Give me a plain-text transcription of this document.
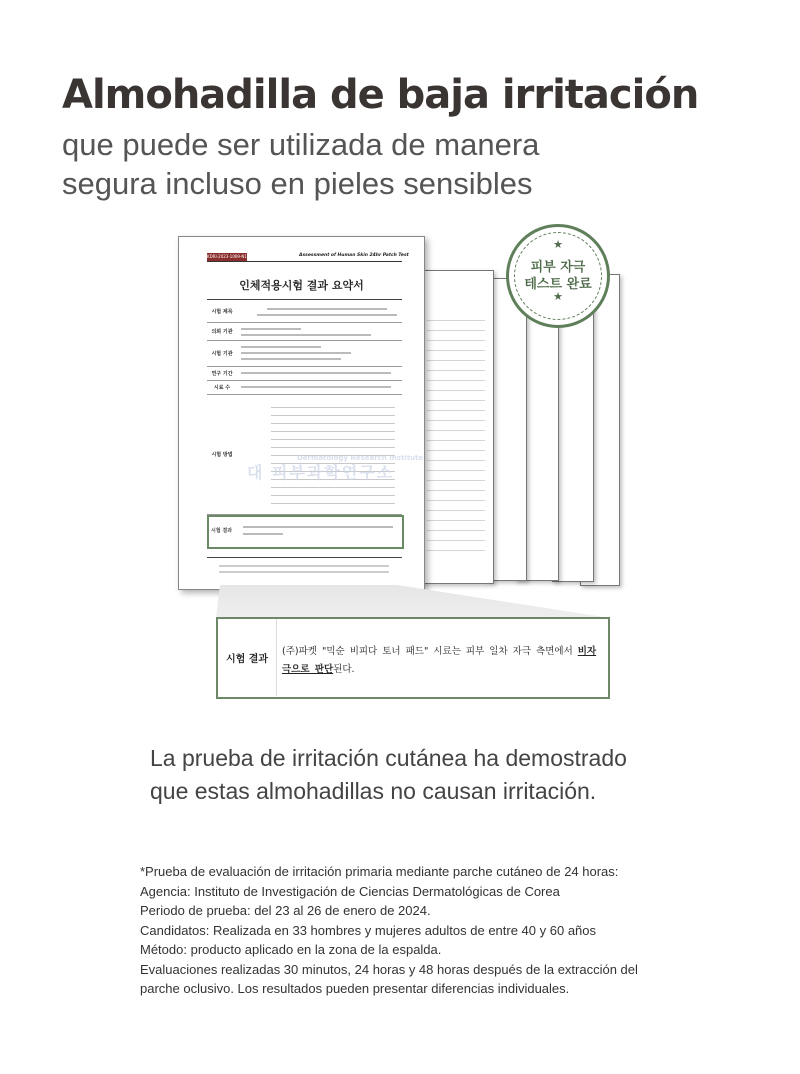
Almohadilla de baja irritación
que puede ser utilizada de manera
segura incluso en pieles sensibles
KDRI-2023-1069-N1	Assessment of Human Skin 24hr Patch Test
인체적용시험 결과 요약서
시험 제목
의뢰 기관
시험 기관
연구 기간
시료 수
시험 방법
대 피부과학연구소
Dermatology Research Institute
시험 결과
★
피부 자극
테스트 완료
★
시험 결과
(주)파켓 "믹순 비피다 토너 패드" 시료는 피부 일차 자극 측면에서 비자극으로 판단된다.
La prueba de irritación cutánea ha demostrado
que estas almohadillas no causan irritación.
*Prueba de evaluación de irritación primaria mediante parche cutáneo de 24 horas:
Agencia: Instituto de Investigación de Ciencias Dermatológicas de Corea
Periodo de prueba: del 23 al 26 de enero de 2024.
Candidatos: Realizada en 33 hombres y mujeres adultos de entre 40 y 60 años
Método: producto aplicado en la zona de la espalda.
Evaluaciones realizadas 30 minutos, 24 horas y 48 horas después de la extracción del
parche oclusivo. Los resultados pueden presentar diferencias individuales.
